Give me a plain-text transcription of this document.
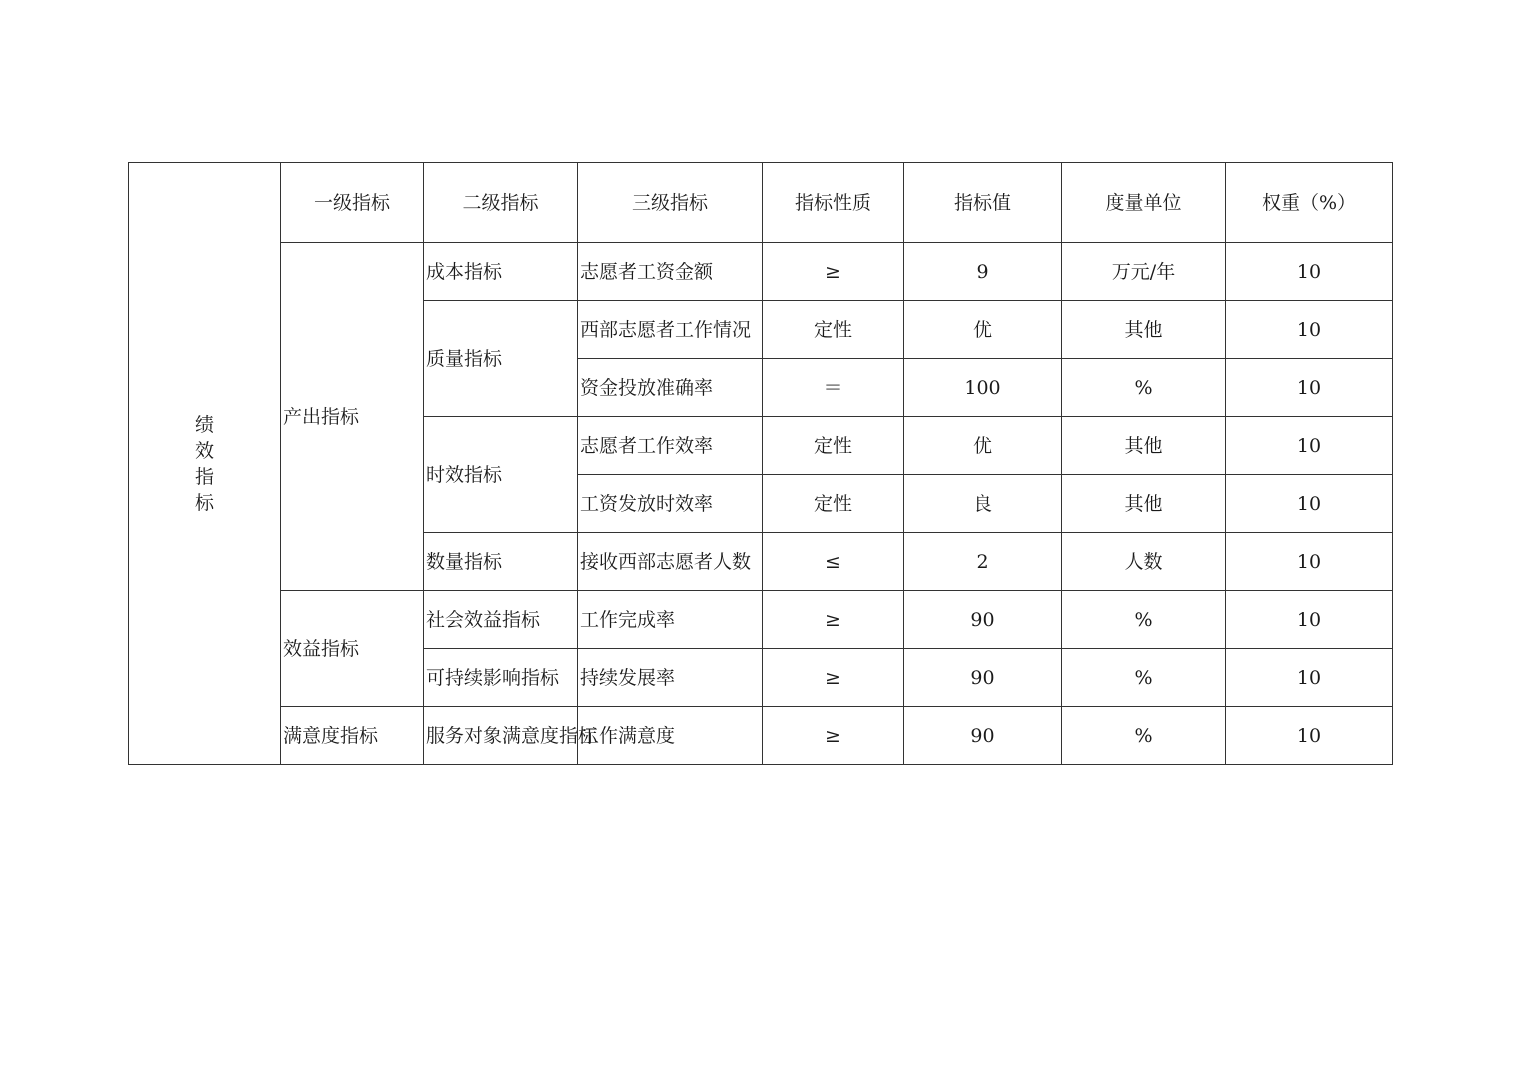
绩效指标	一级指标	二级指标	三级指标	指标性质	指标值	度量单位	权重（%）
	产出指标	成本指标	志愿者工资金额	≥	9	万元/年	10
		质量指标	西部志愿者工作情况	定性	优	其他	10
			资金投放准确率	＝	100	%	10
		时效指标	志愿者工作效率	定性	优	其他	10
			工资发放时效率	定性	良	其他	10
		数量指标	接收西部志愿者人数	≤	2	人数	10
	效益指标	社会效益指标	工作完成率	≥	90	%	10
		可持续影响指标	持续发展率	≥	90	%	10
	满意度指标	服务对象满意度指标	工作满意度	≥	90	%	10
